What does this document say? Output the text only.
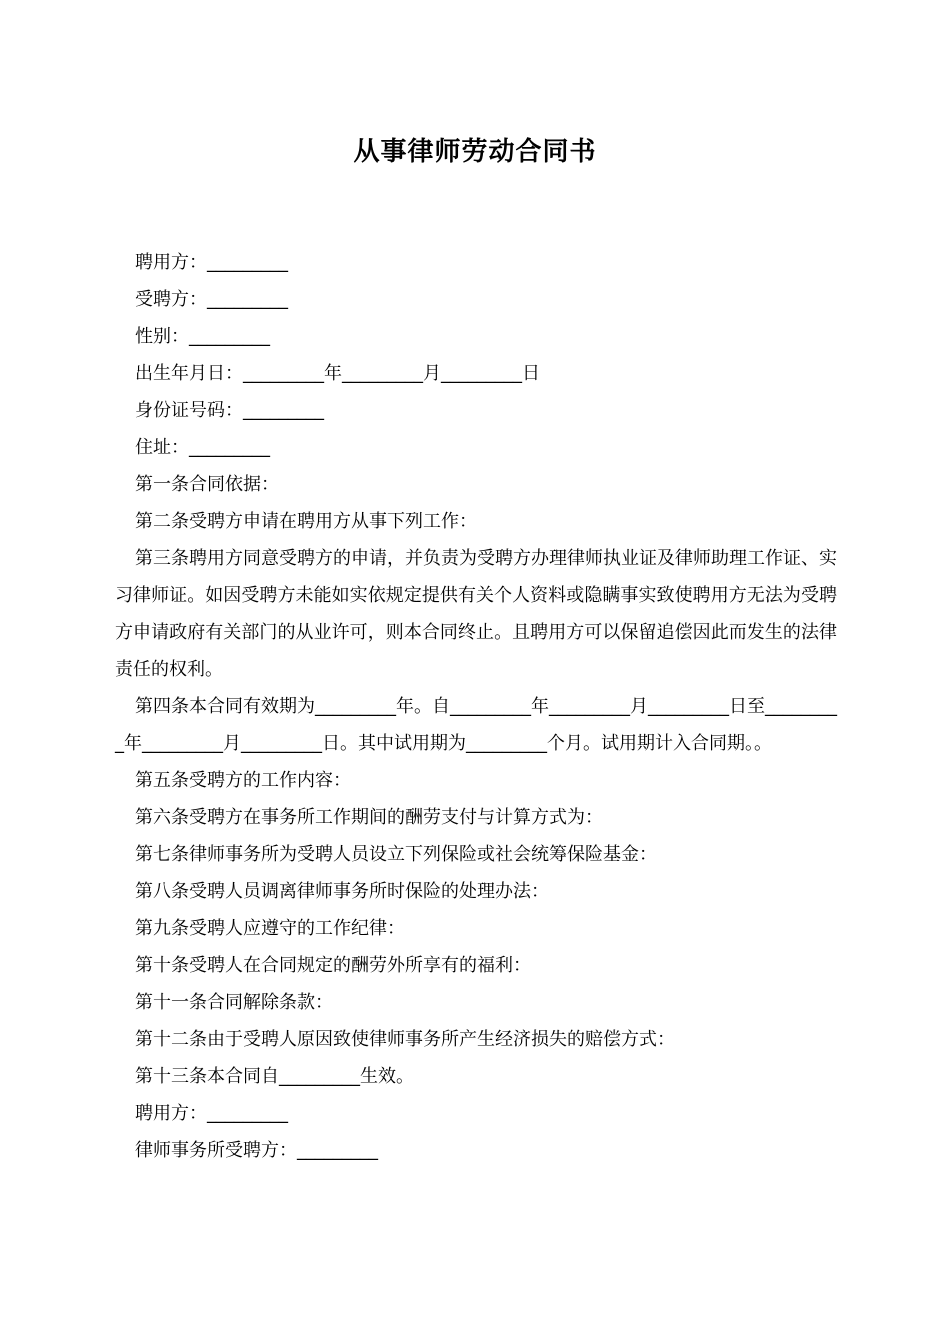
从事律师劳动合同书

聘用方：_________

受聘方：_________

性别：_________

出生年月日：_________年_________月_________日

身份证号码：_________

住址：_________

第一条合同依据：

第二条受聘方申请在聘用方从事下列工作：

第三条聘用方同意受聘方的申请，并负责为受聘方办理律师执业证及律师助理工作证、实习律师证。如因受聘方未能如实依规定提供有关个人资料或隐瞒事实致使聘用方无法为受聘方申请政府有关部门的从业许可，则本合同终止。且聘用方可以保留追偿因此而发生的法律责任的权利。

第四条本合同有效期为_________年。自_________年_________月_________日至_________年_________月_________日。其中试用期为_________个月。试用期计入合同期。。

第五条受聘方的工作内容：

第六条受聘方在事务所工作期间的酬劳支付与计算方式为：

第七条律师事务所为受聘人员设立下列保险或社会统筹保险基金：

第八条受聘人员调离律师事务所时保险的处理办法：

第九条受聘人应遵守的工作纪律：

第十条受聘人在合同规定的酬劳外所享有的福利：

第十一条合同解除条款：

第十二条由于受聘人原因致使律师事务所产生经济损失的赔偿方式：

第十三条本合同自_________生效。

聘用方：_________

律师事务所受聘方：_________
